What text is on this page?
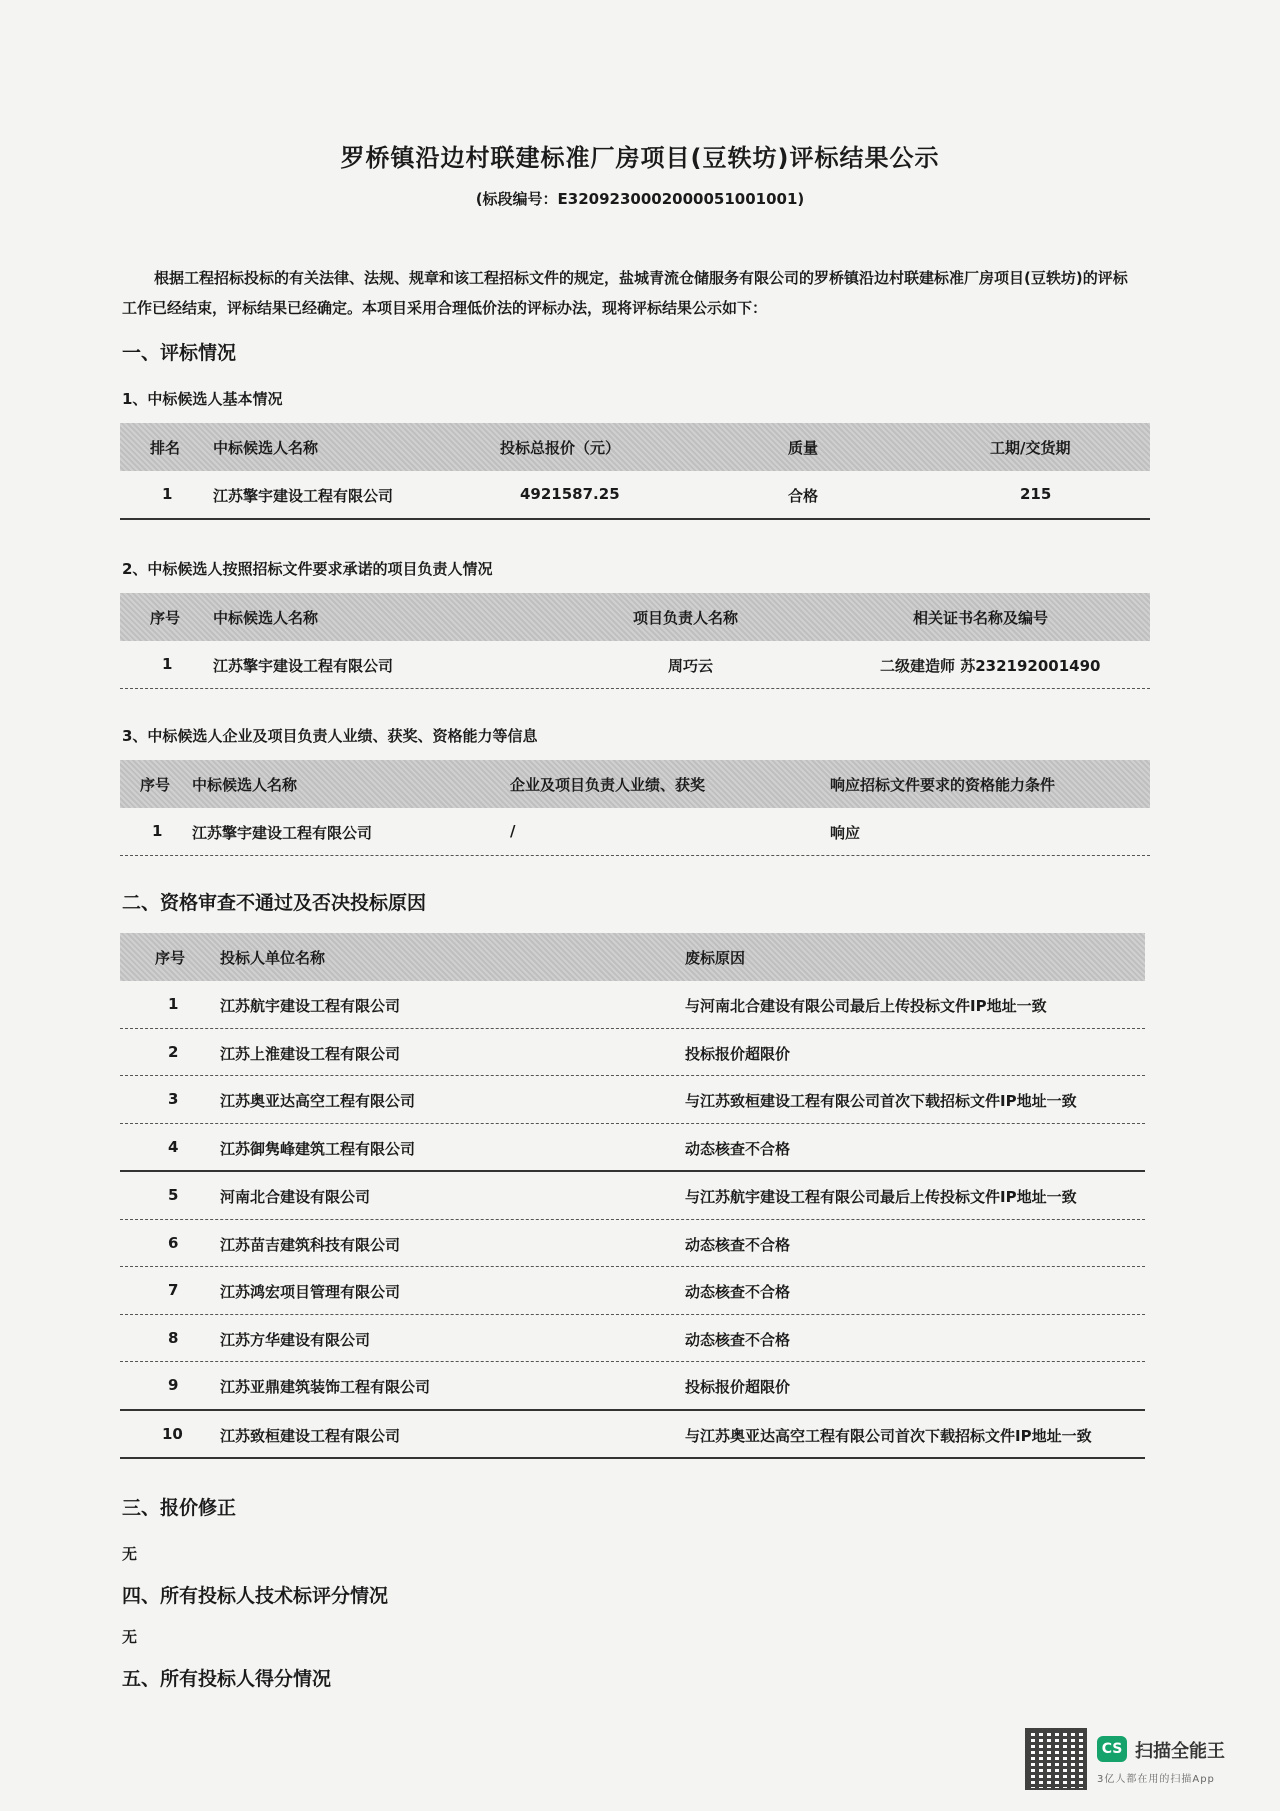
罗桥镇沿边村联建标准厂房项目(豆轶坊)评标结果公示
(标段编号：E3209230002000051001001)
根据工程招标投标的有关法律、法规、规章和该工程招标文件的规定，盐城青流仓储服务有限公司的罗桥镇沿边村联建标准厂房项目(豆轶坊)的评标工作已经结束，评标结果已经确定。本项目采用合理低价法的评标办法，现将评标结果公示如下：
一、评标情况
1、中标候选人基本情况
排名 中标候选人名称	投标总报价（元）	质量	工期/交货期
1	江苏擎宇建设工程有限公司	4921587.25	合格	215
2、中标候选人按照招标文件要求承诺的项目负责人情况
序号 中标候选人名称	项目负责人名称	相关证书名称及编号
1	江苏擎宇建设工程有限公司	周巧云	二级建造师 苏232192001490
3、中标候选人企业及项目负责人业绩、获奖、资格能力等信息
序号 中标候选人名称	企业及项目负责人业绩、获奖	响应招标文件要求的资格能力条件
1 江苏擎宇建设工程有限公司	/	响应
二、资格审查不通过及否决投标原因
序号 投标人单位名称	废标原因
1	江苏航宇建设工程有限公司	与河南北合建设有限公司最后上传投标文件IP地址一致
2	江苏上淮建设工程有限公司	投标报价超限价
3	江苏奥亚达高空工程有限公司	与江苏致桓建设工程有限公司首次下载招标文件IP地址一致
4	江苏御隽峰建筑工程有限公司	动态核查不合格
5	河南北合建设有限公司	与江苏航宇建设工程有限公司最后上传投标文件IP地址一致
6	江苏苗吉建筑科技有限公司	动态核查不合格
7	江苏鸿宏项目管理有限公司	动态核查不合格
8	江苏方华建设有限公司	动态核查不合格
9	江苏亚鼎建筑装饰工程有限公司	投标报价超限价
10 江苏致桓建设工程有限公司	与江苏奥亚达高空工程有限公司首次下载招标文件IP地址一致
三、报价修正
无
四、所有投标人技术标评分情况
无
五、所有投标人得分情况
CS 扫描全能王
3亿人都在用的扫描App
